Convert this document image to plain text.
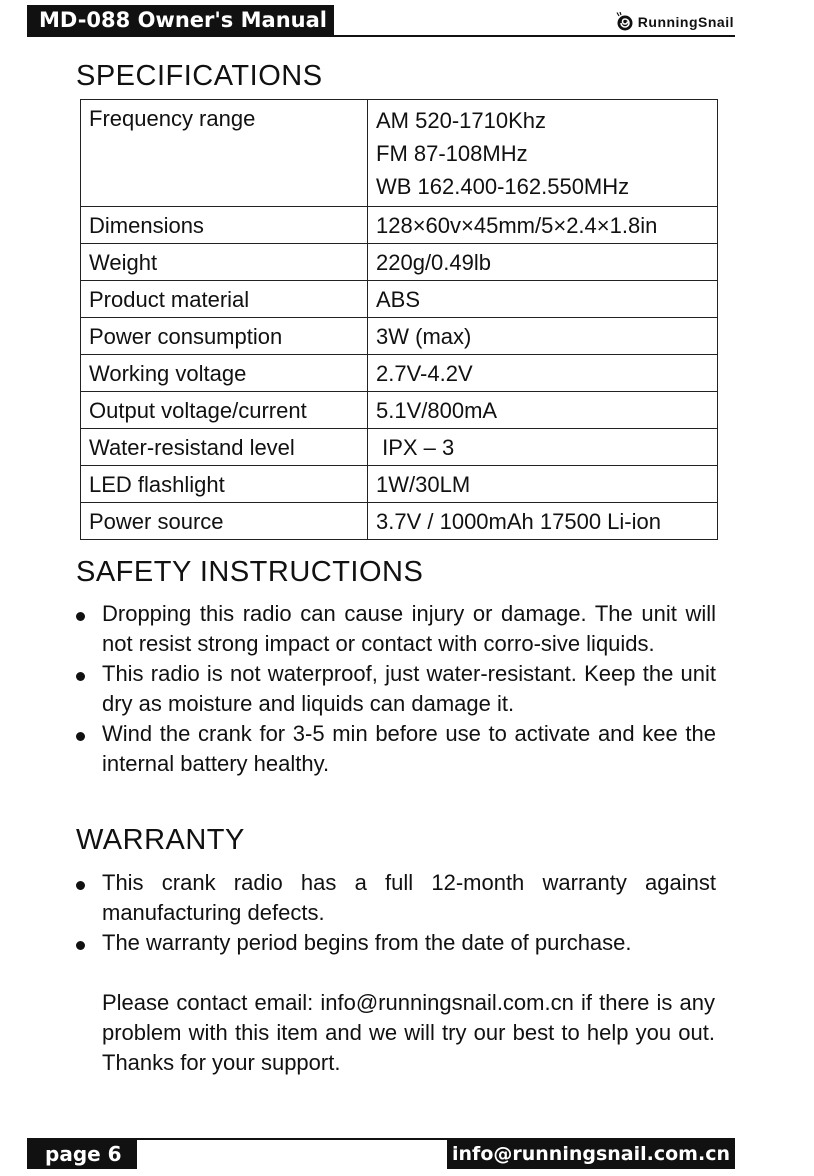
MD-088 Owner's Manual	RunningSnail
SPECIFICATIONS
Frequency range	AM 520-1710Khz
FM 87-108MHz
WB 162.400-162.550MHz

Dimensions	128×60v×45mm/5×2.4×1.8in
Weight	220g/0.49lb
Product material	ABS
Power consumption	3W (max)
Working voltage	2.7V-4.2V
Output voltage/current	5.1V/800mA
Water-resistand level	IPX – 3
LED flashlight	1W/30LM
Power source	3.7V / 1000mAh 17500 Li-ion
SAFETY INSTRUCTIONS
Dropping this radio can cause injury or damage. The unit will not resist strong impact or contact with corro-sive liquids.
This radio is not waterproof, just water-resistant. Keep the unit dry as moisture and liquids can damage it.
Wind the crank for 3-5 min before use to activate and kee the internal battery healthy.
WARRANTY
This crank radio has a full 12-month warranty against manufacturing defects.
The warranty period begins from the date of purchase.

Please contact email: info@runningsnail.com.cn if there is any problem with this item and we will try our best to help you out. Thanks for your support.

page 6	info@runningsnail.com.cn
